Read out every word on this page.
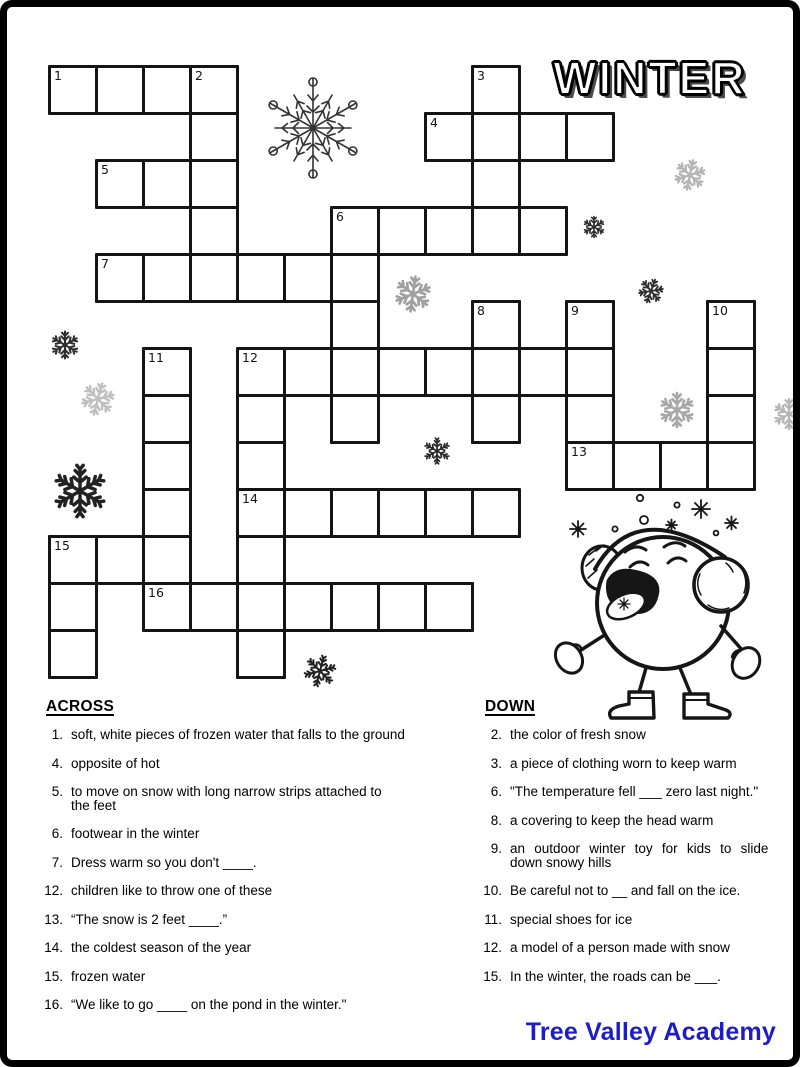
WINTER
1	2	3
4
5
6
7
8	9
13
10
11
16
12
14
15
ACROSS
1. soft, white pieces of frozen water that falls to the ground
4. opposite of hot
5. to move on snow with long narrow strips attached to
the feet
6. footwear in the winter
7. Dress warm so you don't ____.
12. children like to throw one of these
13. “The snow is 2 feet ____.”
14. the coldest season of the year
15. frozen water
16. “We like to go ____ on the pond in the winter."
DOWN
2. the color of fresh snow
3. a piece of clothing worn to keep warm
6. "The temperature fell ___ zero last night."
8. a covering to keep the head warm
9. an outdoor winter toy for kids to slide
down snowy hills
10. Be careful not to __ and fall on the ice.
11. special shoes for ice
12. a model of a person made with snow
15. In the winter, the roads can be ___.
Tree Valley Academy
